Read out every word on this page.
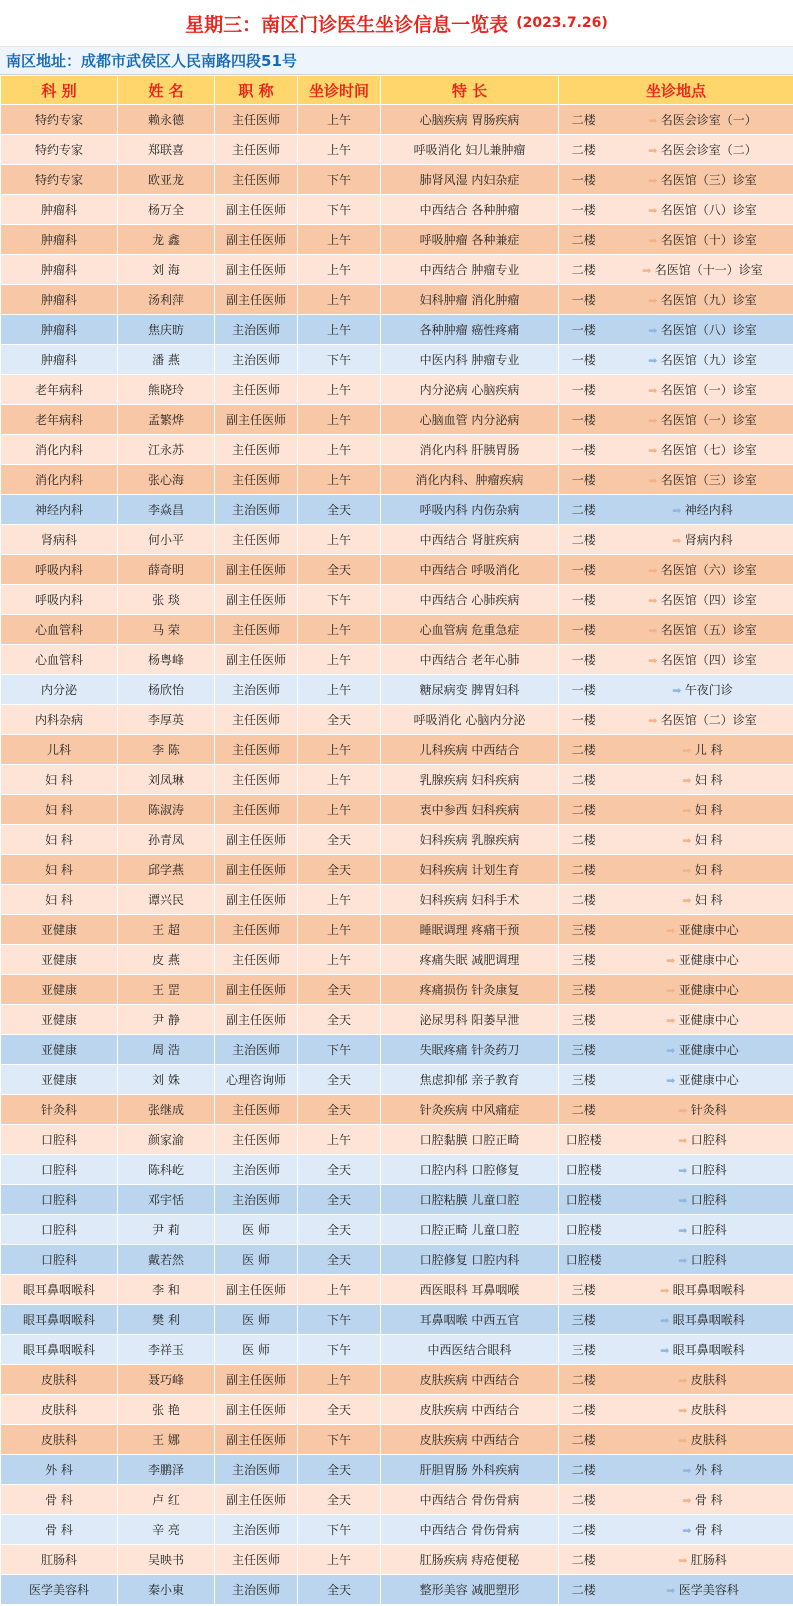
星期三：南区门诊医生坐诊信息一览表 (2023.7.26)
南区地址：成都市武侯区人民南路四段51号
科 别	姓 名	职 称	坐诊时间	特 长	坐诊地点	
特约专家	赖永德	主任医师	上午	心脑疾病 胃肠疾病	二楼	➡ 名医会诊室（一）
特约专家	郑联喜	主任医师	上午	呼吸消化 妇儿兼肿瘤	二楼	➡ 名医会诊室（二）
特约专家	欧亚龙	主任医师	下午	肺肾风湿 内妇杂症	一楼	➡ 名医馆（三）诊室
肿瘤科	杨万全	副主任医师	下午	中西结合 各种肿瘤	一楼	➡ 名医馆（八）诊室
肿瘤科	龙 鑫	副主任医师	上午	呼吸肿瘤 各种兼症	二楼	➡ 名医馆（十）诊室
肿瘤科	刘 海	副主任医师	上午	中西结合 肿瘤专业	二楼	➡ 名医馆（十一）诊室
肿瘤科	汤利萍	副主任医师	上午	妇科肿瘤 消化肿瘤	一楼	➡ 名医馆（九）诊室
肿瘤科	焦庆昉	主治医师	上午	各种肿瘤 癌性疼痛	一楼	➡ 名医馆（八）诊室
肿瘤科	潘 燕	主治医师	下午	中医内科 肿瘤专业	一楼	➡ 名医馆（九）诊室
老年病科	熊晓玲	主任医师	上午	内分泌病 心脑疾病	一楼	➡ 名医馆（一）诊室
老年病科	孟繁烨	副主任医师	上午	心脑血管 内分泌病	一楼	➡ 名医馆（一）诊室
消化内科	江永苏	主任医师	上午	消化内科 肝胰胃肠	一楼	➡ 名医馆（七）诊室
消化内科	张心海	主任医师	上午	消化内科、肿瘤疾病	一楼	➡ 名医馆（三）诊室
神经内科	李焱昌	主治医师	全天	呼吸内科 内伤杂病	二楼	➡ 神经内科
肾病科	何小平	主任医师	上午	中西结合 肾脏疾病	二楼	➡ 肾病内科
呼吸内科	薛奇明	副主任医师	全天	中西结合 呼吸消化	一楼	➡ 名医馆（六）诊室
呼吸内科	张 琰	副主任医师	下午	中西结合 心肺疾病	一楼	➡ 名医馆（四）诊室
心血管科	马 荣	主任医师	上午	心血管病 危重急症	一楼	➡ 名医馆（五）诊室
心血管科	杨粤峰	副主任医师	上午	中西结合 老年心肺	一楼	➡ 名医馆（四）诊室
内分泌	杨欣怡	主治医师	上午	糖尿病变 脾胃妇科	一楼	➡ 午夜门诊
内科杂病	李厚英	主任医师	全天	呼吸消化 心脑内分泌	一楼	➡ 名医馆（二）诊室
儿科	李 陈	主任医师	上午	儿科疾病 中西结合	二楼	➡ 儿 科
妇 科	刘凤琳	主任医师	上午	乳腺疾病 妇科疾病	二楼	➡ 妇 科
妇 科	陈淑涛	主任医师	上午	衷中参西 妇科疾病	二楼	➡ 妇 科
妇 科	孙青凤	副主任医师	全天	妇科疾病 乳腺疾病	二楼	➡ 妇 科
妇 科	邱学燕	副主任医师	全天	妇科疾病 计划生育	二楼	➡ 妇 科
妇 科	谭兴民	副主任医师	上午	妇科疾病 妇科手术	二楼	➡ 妇 科
亚健康	王 超	主任医师	上午	睡眠调理 疼痛干预	三楼	➡ 亚健康中心
亚健康	皮 燕	主任医师	上午	疼痛失眠 减肥调理	三楼	➡ 亚健康中心
亚健康	王 罡	副主任医师	全天	疼痛损伤 针灸康复	三楼	➡ 亚健康中心
亚健康	尹 静	副主任医师	全天	泌尿男科 阳萎早泄	三楼	➡ 亚健康中心
亚健康	周 浩	主治医师	下午	失眠疼痛 针灸药刀	三楼	➡ 亚健康中心
亚健康	刘 姝	心理咨询师	全天	焦虑抑郁 亲子教育	三楼	➡ 亚健康中心
针灸科	张继成	主任医师	全天	针灸疾病 中风痛症	二楼	➡ 针灸科
口腔科	颜家渝	主任医师	上午	口腔黏膜 口腔正畸	口腔楼	➡ 口腔科
口腔科	陈科屹	主治医师	全天	口腔内科 口腔修复	口腔楼	➡ 口腔科
口腔科	邓宇恬	主治医师	全天	口腔粘膜 儿童口腔	口腔楼	➡ 口腔科
口腔科	尹 莉	医 师	全天	口腔正畸 儿童口腔	口腔楼	➡ 口腔科
口腔科	戴若然	医 师	全天	口腔修复 口腔内科	口腔楼	➡ 口腔科
眼耳鼻咽喉科	李 和	副主任医师	上午	西医眼科 耳鼻咽喉	三楼	➡ 眼耳鼻咽喉科
眼耳鼻咽喉科	樊 利	医 师	下午	耳鼻咽喉 中西五官	三楼	➡ 眼耳鼻咽喉科
眼耳鼻咽喉科	李祥玉	医 师	下午	中西医结合眼科	三楼	➡ 眼耳鼻咽喉科
皮肤科	聂巧峰	副主任医师	上午	皮肤疾病 中西结合	二楼	➡ 皮肤科
皮肤科	张 艳	副主任医师	全天	皮肤疾病 中西结合	二楼	➡ 皮肤科
皮肤科	王 娜	副主任医师	下午	皮肤疾病 中西结合	二楼	➡ 皮肤科
外 科	李鹏泽	主治医师	全天	肝胆胃肠 外科疾病	二楼	➡ 外 科
骨 科	卢 红	副主任医师	全天	中西结合 骨伤骨病	二楼	➡ 骨 科
骨 科	辛 亮	主治医师	下午	中西结合 骨伤骨病	二楼	➡ 骨 科
肛肠科	吴映书	主任医师	上午	肛肠疾病 痔疮便秘	二楼	➡ 肛肠科
医学美容科	秦小東	主治医师	全天	整形美容 减肥塑形	二楼	➡ 医学美容科
